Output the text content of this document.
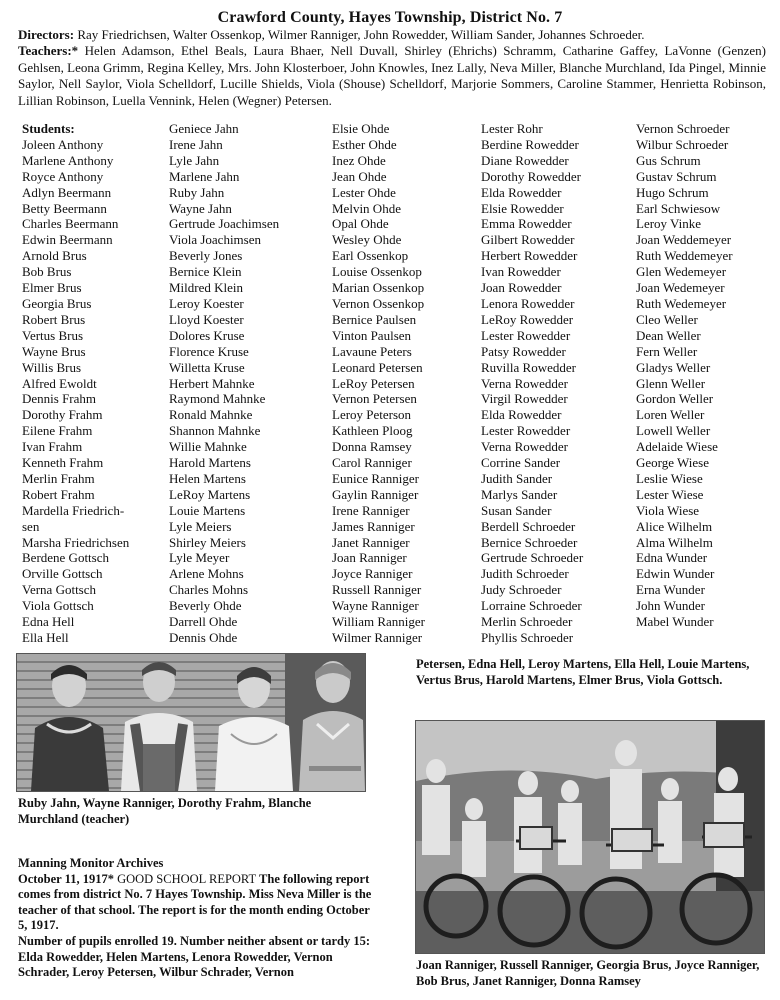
Crawford County, Hayes Township, District No. 7
Directors: Ray Friedrichsen, Walter Ossenkop, Wilmer Ranniger, John Rowedder, William Sander, Johannes Schroeder.
Teachers:* Helen Adamson, Ethel Beals, Laura Bhaer, Nell Duvall, Shirley (Ehrichs) Schramm, Catharine Gaffey, LaVonne (Genzen) Gehlsen, Leona Grimm, Regina Kelley, Mrs. John Klosterboer, John Knowles, Inez Lally, Neva Miller, Blanche Murchland, Ida Pingel, Minnie Saylor, Nell Saylor, Viola Schelldorf, Lucille Shields, Viola (Shouse) Schelldorf, Marjorie Sommers, Caroline Stammer, Henrietta Robinson, Lillian Robinson, Luella Vennink, Helen (Wegner) Petersen.
Students:
Joleen Anthony
Marlene Anthony
Royce Anthony
Adlyn Beermann
Betty Beermann
Charles Beermann
Edwin Beermann
Arnold Brus
Bob Brus
Elmer Brus
Georgia Brus
Robert Brus
Vertus Brus
Wayne Brus
Willis Brus
Alfred Ewoldt
Dennis Frahm
Dorothy Frahm
Eilene Frahm
Ivan Frahm
Kenneth Frahm
Merlin Frahm
Robert Frahm
Mardella Friedrich-
sen
Marsha Friedrichsen
Berdene Gottsch
Orville Gottsch
Verna Gottsch
Viola Gottsch
Edna Hell
Ella Hell
Geniece Jahn
Irene Jahn
Lyle Jahn
Marlene Jahn
Ruby Jahn
Wayne Jahn
Gertrude Joachimsen
Viola Joachimsen
Beverly Jones
Bernice Klein
Mildred Klein
Leroy Koester
Lloyd Koester
Dolores Kruse
Florence Kruse
Willetta Kruse
Herbert Mahnke
Raymond Mahnke
Ronald Mahnke
Shannon Mahnke
Willie Mahnke
Harold Martens
Helen Martens
LeRoy Martens
Louie Martens
Lyle Meiers
Shirley Meiers
Lyle Meyer
Arlene Mohns
Charles Mohns
Beverly Ohde
Darrell Ohde
Dennis Ohde
Elsie Ohde
Esther Ohde
Inez Ohde
Jean Ohde
Lester Ohde
Melvin Ohde
Opal Ohde
Wesley Ohde
Earl Ossenkop
Louise Ossenkop
Marian Ossenkop
Vernon Ossenkop
Bernice Paulsen
Vinton Paulsen
Lavaune Peters
Leonard Petersen
LeRoy Petersen
Vernon Petersen
Leroy Peterson
Kathleen Ploog
Donna Ramsey
Carol Ranniger
Eunice Ranniger
Gaylin Ranniger
Irene Ranniger
James Ranniger
Janet Ranniger
Joan Ranniger
Joyce Ranniger
Russell Ranniger
Wayne Ranniger
William Ranniger
Wilmer Ranniger
Lester Rohr
Berdine Rowedder
Diane Rowedder
Dorothy Rowedder
Elda Rowedder
Elsie Rowedder
Emma Rowedder
Gilbert Rowedder
Herbert Rowedder
Ivan Rowedder
Joan Rowedder
Lenora Rowedder
LeRoy Rowedder
Lester Rowedder
Patsy Rowedder
Ruvilla Rowedder
Verna Rowedder
Virgil Rowedder
Elda Rowedder
Lester Rowedder
Verna Rowedder
Corrine Sander
Judith Sander
Marlys Sander
Susan Sander
Berdell Schroeder
Bernice Schroeder
Gertrude Schroeder
Judith Schroeder
Judy Schroeder
Lorraine Schroeder
Merlin Schroeder
Phyllis Schroeder
Vernon Schroeder
Wilbur Schroeder
Gus Schrum
Gustav Schrum
Hugo Schrum
Earl Schwiesow
Leroy Vinke
Joan Weddemeyer
Ruth Weddemeyer
Glen Wedemeyer
Joan Wedemeyer
Ruth Wedemeyer
Cleo Weller
Dean Weller
Fern Weller
Gladys Weller
Glenn Weller
Gordon Weller
Loren Weller
Lowell Weller
Adelaide Wiese
George Wiese
Leslie Wiese
Lester Wiese
Viola Wiese
Alice Wilhelm
Alma Wilhelm
Edna Wunder
Edwin Wunder
Erna Wunder
John Wunder
Mabel Wunder
Ruby Jahn, Wayne Ranniger, Dorothy Frahm, Blanche Murchland (teacher)
Petersen, Edna Hell, Leroy Martens, Ella Hell, Louie Martens, Vertus Brus, Harold Martens, Elmer Brus, Viola Gottsch.
Joan Ranniger, Russell Ranniger, Georgia Brus, Joyce Ranniger, Bob Brus, Janet Ranniger, Donna Ramsey
Manning Monitor Archives
October 11, 1917* GOOD SCHOOL REPORT The following report comes from district No. 7 Hayes Township. Miss Neva Miller is the teacher of that school. The report is for the month ending October 5, 1917.
Number of pupils enrolled 19. Number neither absent or tardy 15: Elda Rowedder, Helen Martens, Lenora Rowedder, Vernon Schrader, Leroy Petersen, Wilbur Schrader, Vernon
